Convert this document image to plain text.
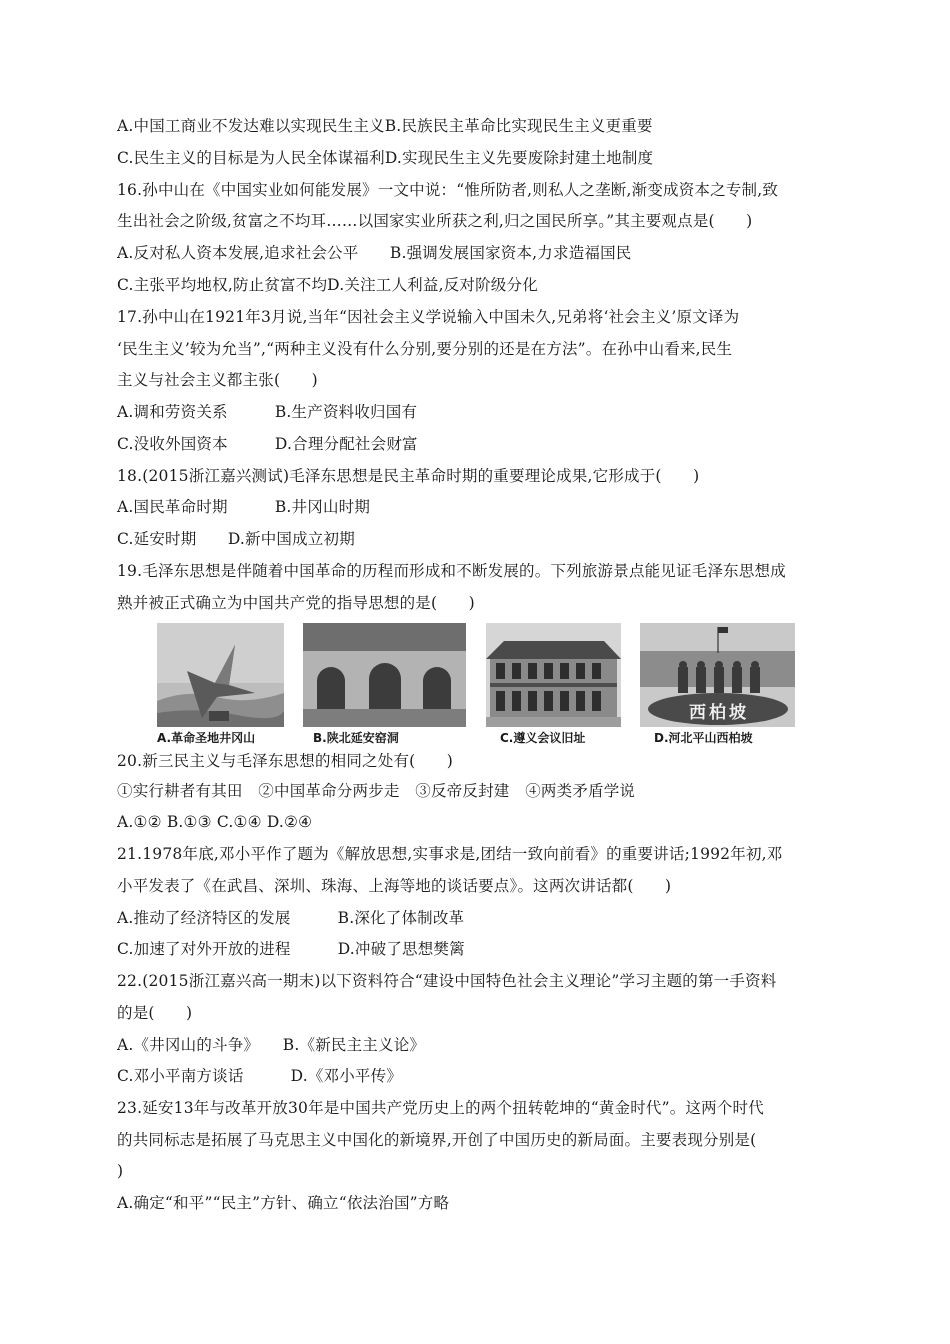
A.中国工商业不发达难以实现民生主义B.民族民主革命比实现民生主义更重要
C.民生主义的目标是为人民全体谋福利D.实现民生主义先要废除封建土地制度
16.孙中山在《中国实业如何能发展》一文中说：“惟所防者,则私人之垄断,渐变成资本之专制,致
生出社会之阶级,贫富之不均耳……以国家实业所获之利,归之国民所享。”其主要观点是(　　)
A.反对私人资本发展,追求社会公平　　B.强调发展国家资本,力求造福国民
C.主张平均地权,防止贫富不均D.关注工人利益,反对阶级分化
17.孙中山在1921年3月说,当年“因社会主义学说输入中国未久,兄弟将‘社会主义’原文译为
‘民生主义’较为允当”,“两种主义没有什么分别,要分别的还是在方法”。在孙中山看来,民生
主义与社会主义都主张(　　)
A.调和劳资关系　　　B.生产资料收归国有
C.没收外国资本　　　D.合理分配社会财富
18.(2015浙江嘉兴测试)毛泽东思想是民主革命时期的重要理论成果,它形成于(　　)
A.国民革命时期　　　B.井冈山时期
C.延安时期　　D.新中国成立初期
19.毛泽东思想是伴随着中国革命的历程而形成和不断发展的。下列旅游景点能见证毛泽东思想成
熟并被正式确立为中国共产党的指导思想的是(　　)
A.革命圣地井冈山	B.陕北延安窑洞	C.遵义会议旧址
西柏坡
D.河北平山西柏坡
20.新三民主义与毛泽东思想的相同之处有(　　)
①实行耕者有其田　②中国革命分两步走　③反帝反封建　④两类矛盾学说
A.①② B.①③ C.①④ D.②④
21.1978年底,邓小平作了题为《解放思想,实事求是,团结一致向前看》的重要讲话;1992年初,邓
小平发表了《在武昌、深圳、珠海、上海等地的谈话要点》。这两次讲话都(　　)
A.推动了经济特区的发展　　　B.深化了体制改革
C.加速了对外开放的进程　　　D.冲破了思想樊篱
22.(2015浙江嘉兴高一期末)以下资料符合“建设中国特色社会主义理论”学习主题的第一手资料
的是(　　)
A.《井冈山的斗争》　　B.《新民主主义论》
C.邓小平南方谈话　　　D.《邓小平传》
23.延安13年与改革开放30年是中国共产党历史上的两个扭转乾坤的“黄金时代”。这两个时代
的共同标志是拓展了马克思主义中国化的新境界,开创了中国历史的新局面。主要表现分别是(
)
A.确定“和平”“民主”方针、确立“依法治国”方略
